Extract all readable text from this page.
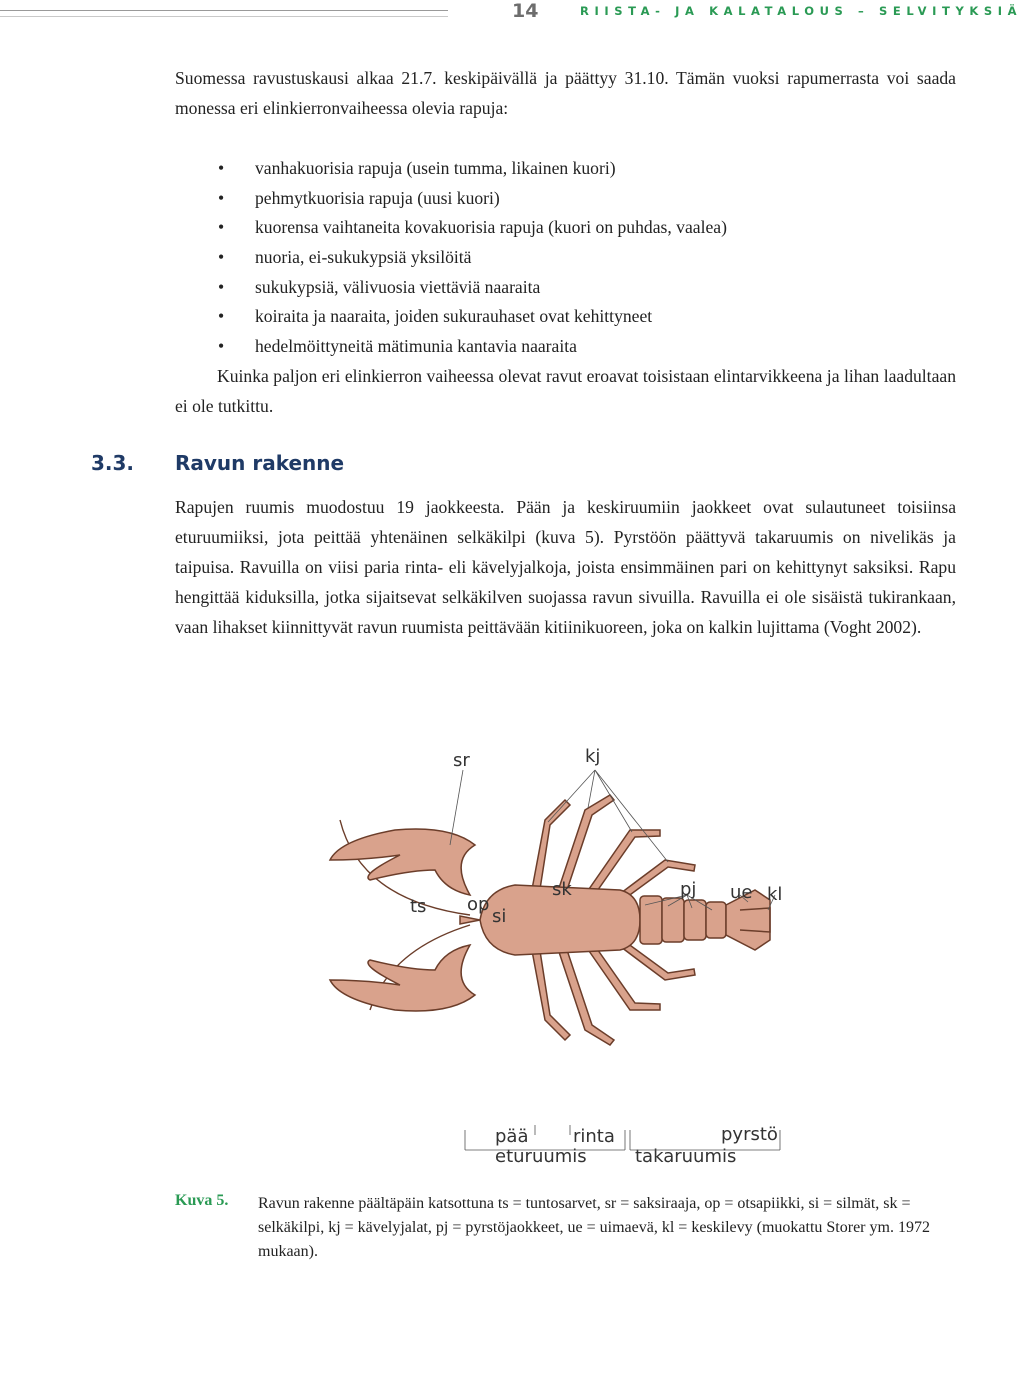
14	RIISTA- JA KALATALOUS – SELVITYKSIÄ

Suomessa ravustuskausi alkaa 21.7. keskipäivällä ja päättyy 31.10. Tämän vuoksi rapumerrasta voi saada monessa eri elinkierronvaiheessa olevia rapuja:

• vanhakuorisia rapuja (usein tumma, likainen kuori)
• pehmytkuorisia rapuja (uusi kuori)
• kuorensa vaihtaneita kovakuorisia rapuja (kuori on puhdas, vaalea)
• nuoria, ei-sukukypsiä yksilöitä
• sukukypsiä, välivuosia viettäviä naaraita
• koiraita ja naaraita, joiden sukurauhaset ovat kehittyneet
• hedelmöittyneitä mätimunia kantavia naaraita

Kuinka paljon eri elinkierron vaiheessa olevat ravut eroavat toisistaan elintarvikkeena ja lihan laadultaan ei ole tutkittu.

3.3. Ravun rakenne

Rapujen ruumis muodostuu 19 jaokkeesta. Pään ja keskiruumiin jaokkeet ovat sulautuneet toisiinsa eturuumiiksi, jota peittää yhtenäinen selkäkilpi (kuva 5). Pyrstöön päättyvä takaruumis on nivelikäs ja taipuisa. Ravuilla on viisi paria rinta- eli kävelyjalkoja, joista ensimmäinen pari on kehittynyt saksiksi. Rapu hengittää kiduksilla, jotka sijaitsevat selkäkilven suojassa ravun sivuilla. Ravuilla ei ole sisäistä tukirankaan, vaan lihakset kiinnittyvät ravun ruumista peittävään kitiinikuoreen, joka on kalkin lujittama (Voght 2002).

sr	kj
ts op
si
sk	pj ue kl
pää rinta	pyrstö
eturuumis	takaruumis
Kuva 5. Ravun rakenne päältäpäin katsottuna ts = tuntosarvet, sr = saksiraaja, op = otsapiikki, si = silmät, sk = selkäkilpi, kj = kävelyjalat, pj = pyrstöjaokkeet, ue = uimaevä, kl = keskilevy (muokattu Storer ym. 1972 mukaan).
